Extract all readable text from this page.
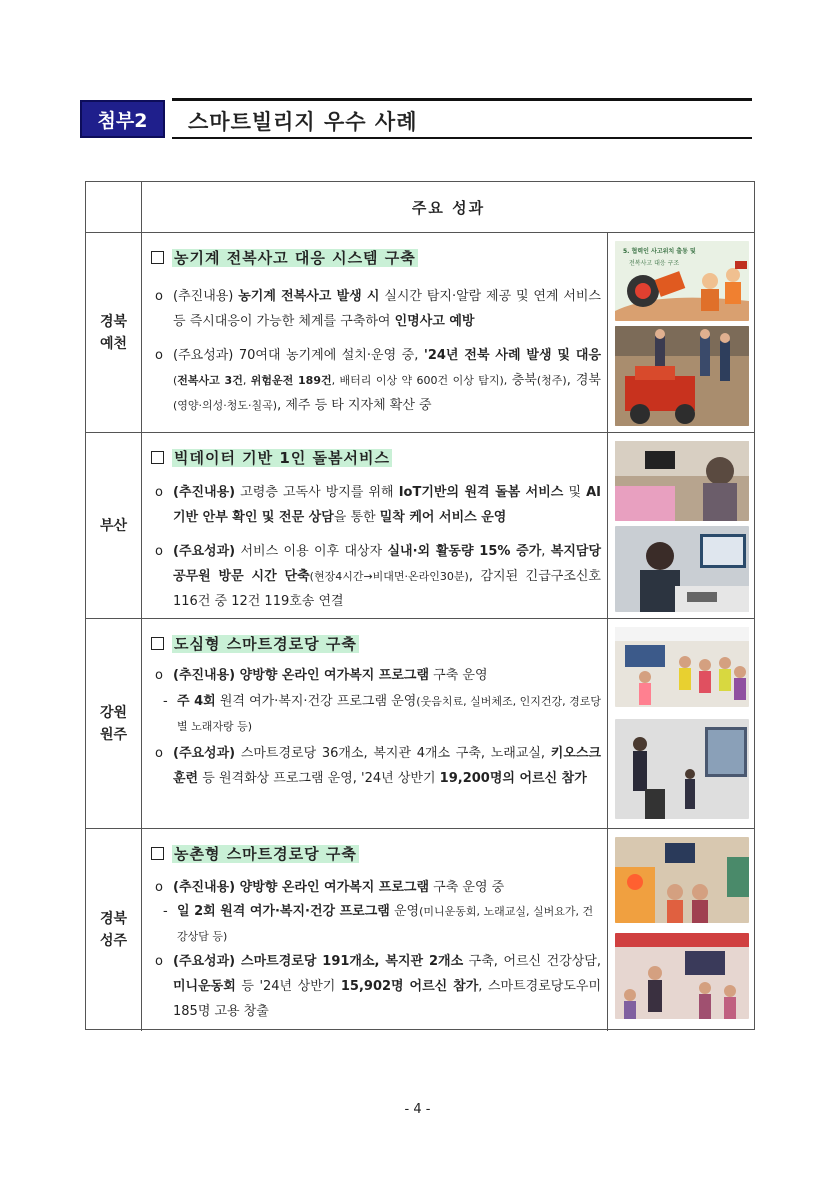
첨부2	스마트빌리지 우수 사례
주요 성과
경북
예천
농기계 전복사고 대응 시스템 구축
o (추진내용) 농기계 전복사고 발생 시 실시간 탐지·알람 제공 및 연계 서비스 등 즉시대응이 가능한 체계를 구축하여 인명사고 예방
o (주요성과) 70여대 농기계에 설치·운영 중, '24년 전북 사례 발생 및 대응(전복사고 3건, 위험운전 189건, 배터리 이상 약 600건 이상 탐지), 충북(청주), 경북(영양·의성·청도·칠곡), 제주 등 타 지자체 확산 중
5. 협력인 사고위치 출동 및
전복사고 대응 구조
부산
빅데이터 기반 1인 돌봄서비스
o (추진내용) 고령층 고독사 방지를 위해 IoT기반의 원격 돌봄 서비스 및 AI기반 안부 확인 및 전문 상담을 통한 밀착 케어 서비스 운영
o (주요성과) 서비스 이용 이후 대상자 실내·외 활동량 15% 증가, 복지담당공무원 방문 시간 단축(현장4시간→비대면·온라인30분), 감지된 긴급구조신호 116건 중 12건 119호송 연결
강원
원주
도심형 스마트경로당 구축
o (추진내용) 양방향 온라인 여가복지 프로그램 구축 운영
- 주 4회 원격 여가·복지·건강 프로그램 운영(웃음치료, 실버체조, 인지건강, 경로당별 노래자랑 등)
o (주요성과) 스마트경로당 36개소, 복지관 4개소 구축, 노래교실, 키오스크 훈련 등 원격화상 프로그램 운영, '24년 상반기 19,200명의 어르신 참가
경북
성주
농촌형 스마트경로당 구축
o (추진내용) 양방향 온라인 여가복지 프로그램 구축 운영 중
- 일 2회 원격 여가·복지·건강 프로그램 운영(미니운동회, 노래교실, 실버요가, 건강상담 등)
o (주요성과) 스마트경로당 191개소, 복지관 2개소 구축, 어르신 건강상담, 미니운동회 등 '24년 상반기 15,902명 어르신 참가, 스마트경로당도우미 185명 고용 창출
- 4 -
